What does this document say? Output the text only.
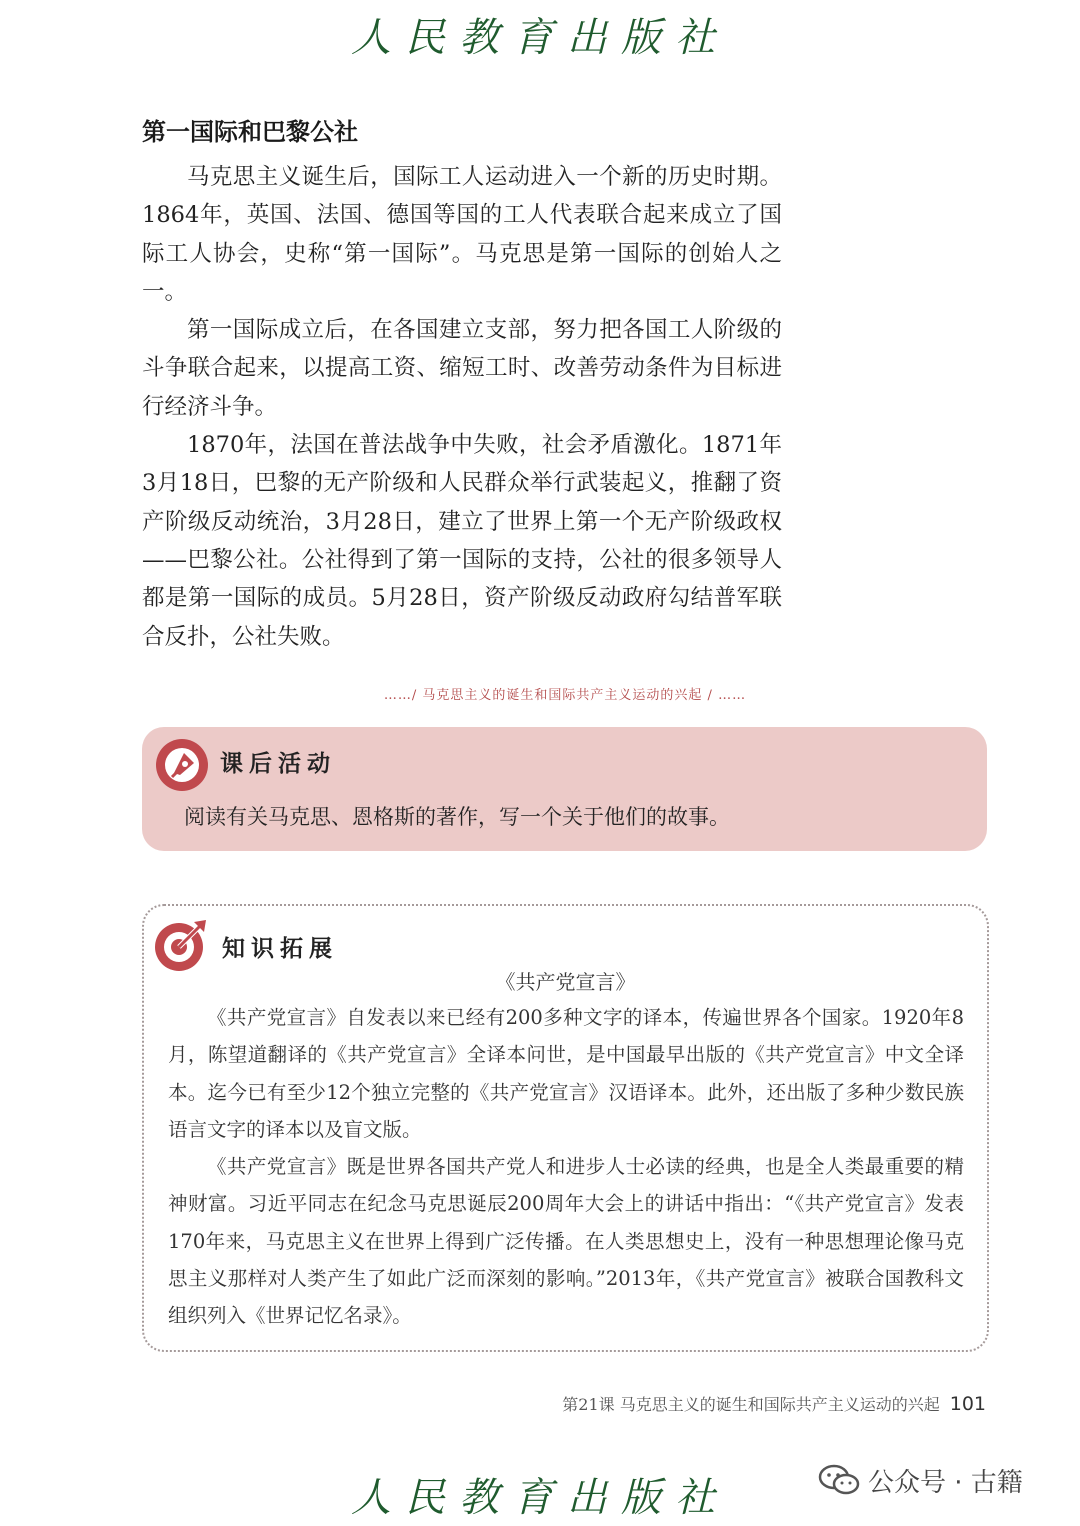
人民教育出版社
第一国际和巴黎公社

马克思主义诞生后，国际工人运动进入一个新的历史时期。1864年，英国、法国、德国等国的工人代表联合起来成立了国际工人协会，史称“第一国际”。马克思是第一国际的创始人之一。

第一国际成立后，在各国建立支部，努力把各国工人阶级的斗争联合起来，以提高工资、缩短工时、改善劳动条件为目标进行经济斗争。

1870年，法国在普法战争中失败，社会矛盾激化。1871年3月18日，巴黎的无产阶级和人民群众举行武装起义，推翻了资产阶级反动统治，3月28日，建立了世界上第一个无产阶级政权——巴黎公社。公社得到了第一国际的支持，公社的很多领导人都是第一国际的成员。5月28日，资产阶级反动政府勾结普军联合反扑，公社失败。

……/ 马克思主义的诞生和国际共产主义运动的兴起 / ……
课后活动
阅读有关马克思、恩格斯的著作，写一个关于他们的故事。
知识拓展
《共产党宣言》

《共产党宣言》自发表以来已经有200多种文字的译本，传遍世界各个国家。1920年8月，陈望道翻译的《共产党宣言》全译本问世，是中国最早出版的《共产党宣言》中文全译本。迄今已有至少12个独立完整的《共产党宣言》汉语译本。此外，还出版了多种少数民族语言文字的译本以及盲文版。

《共产党宣言》既是世界各国共产党人和进步人士必读的经典，也是全人类最重要的精神财富。习近平同志在纪念马克思诞辰200周年大会上的讲话中指出：“《共产党宣言》发表170年来，马克思主义在世界上得到广泛传播。在人类思想史上，没有一种思想理论像马克思主义那样对人类产生了如此广泛而深刻的影响。”2013年，《共产党宣言》被联合国教科文组织列入《世界记忆名录》。

第21课 马克思主义的诞生和国际共产主义运动的兴起 101
人民教育出版社	公众号 · 古籍
